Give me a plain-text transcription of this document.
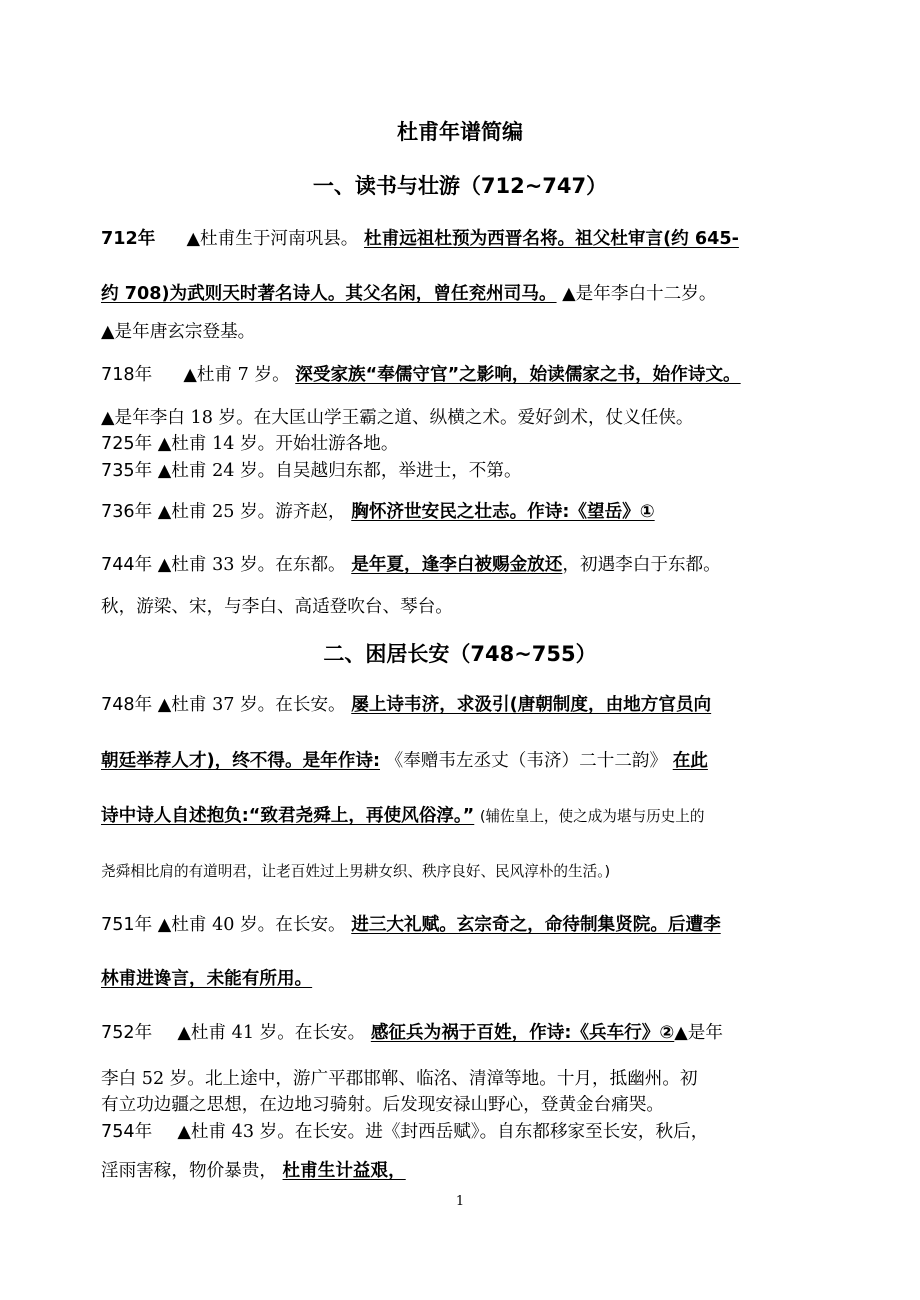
杜甫年谱简编
一、读书与壮游（712~747）
712年 ▲杜甫生于河南巩县。 杜甫远祖杜预为西晋名将。祖父杜审言(约 645-
约 708)为武则天时著名诗人。其父名闲，曾任兖州司马。 ▲是年李白十二岁。
▲是年唐玄宗登基。
718年 ▲杜甫 7 岁。 深受家族“奉儒守官”之影响，始读儒家之书，始作诗文。
▲是年李白 18 岁。在大匡山学王霸之道、纵横之术。爱好剑术，仗义任侠。
725年 ▲杜甫 14 岁。开始壮游各地。
735年 ▲杜甫 24 岁。自吴越归东都，举进士，不第。
736年 ▲杜甫 25 岁。游齐赵， 胸怀济世安民之壮志。作诗:《望岳》①
744年 ▲杜甫 33 岁。在东都。 是年夏，逢李白被赐金放还，初遇李白于东都。
秋，游梁、宋，与李白、高适登吹台、琴台。
二、困居长安（748~755）
748年 ▲杜甫 37 岁。在长安。 屡上诗韦济，求汲引(唐朝制度，由地方官员向
朝廷举荐人才)，终不得。是年作诗: 《奉赠韦左丞丈（韦济）二十二韵》 在此
诗中诗人自述抱负:“致君尧舜上，再使风俗淳。” (辅佐皇上，使之成为堪与历史上的
尧舜相比肩的有道明君，让老百姓过上男耕女织、秩序良好、民风淳朴的生活。)
751年 ▲杜甫 40 岁。在长安。 进三大礼赋。玄宗奇之，命待制集贤院。后遭李
林甫进谗言，未能有所用。
752年 ▲杜甫 41 岁。在长安。 感征兵为祸于百姓，作诗:《兵车行》②▲是年
李白 52 岁。北上途中，游广平郡邯郸、临洺、清漳等地。十月，抵幽州。初
有立功边疆之思想，在边地习骑射。后发现安禄山野心，登黄金台痛哭。
754年 ▲杜甫 43 岁。在长安。进《封西岳赋》。自东都移家至长安，秋后，
淫雨害稼，物价暴贵， 杜甫生计益艰，
1
